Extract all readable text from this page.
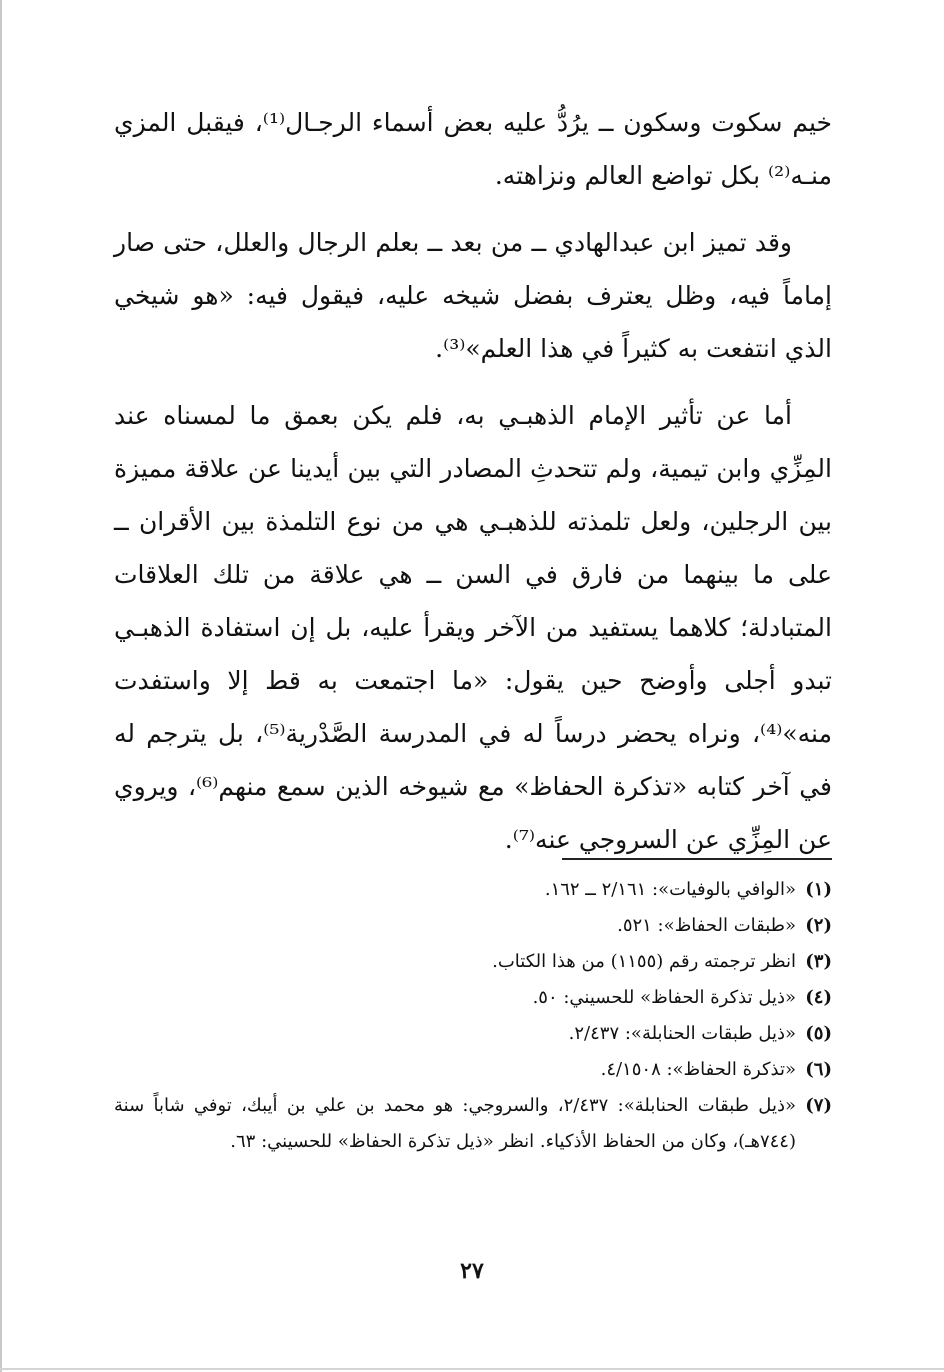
خيم سكوت وسكون ــ يرُدُّ عليه بعض أسماء الرجـال⁽¹⁾، فيقبل المزي منـه⁽²⁾ بكل تواضع العالم ونزاهته.

وقد تميز ابن عبدالهادي ــ من بعد ــ بعلم الرجال والعلل، حتى صار إماماً فيه، وظل يعترف بفضل شيخه عليه، فيقول فيه: «هو شيخي الذي انتفعت به كثيراً في هذا العلم»⁽³⁾.

أما عن تأثير الإمام الذهبـي به، فلم يكن بعمق ما لمسناه عند المِزِّي وابن تيمية، ولم تتحدثِ المصادر التي بين أيدينا عن علاقة مميزة بين الرجلين، ولعل تلمذته للذهبـي هي من نوع التلمذة بين الأقران ــ على ما بينهما من فارق في السن ــ هي علاقة من تلك العلاقات المتبادلة؛ كلاهما يستفيد من الآخر ويقرأ عليه، بل إن استفادة الذهبـي تبدو أجلى وأوضح حين يقول: «ما اجتمعت به قط إلا واستفدت منه»⁽⁴⁾، ونراه يحضر درساً له في المدرسة الصَّدْرية⁽⁵⁾، بل يترجم له في آخر كتابه «تذكرة الحفاظ» مع شيوخه الذين سمع منهم⁽⁶⁾، ويروي عن المِزِّي عن السروجي عنه⁽⁷⁾.

(١)
«الوافي بالوفيات»: ٢/١٦١ ــ ١٦٢.
(٢)
«طبقات الحفاظ»: ٥٢١.
(٣)
انظر ترجمته رقم (١١٥٥) من هذا الكتاب.
(٤)
«ذيل تذكرة الحفاظ» للحسيني: ٥٠.
(٥)
«ذيل طبقات الحنابلة»: ٢/٤٣٧.
(٦)
«تذكرة الحفاظ»: ٤/١٥٠٨.
(٧)
«ذيل طبقات الحنابلة»: ٢/٤٣٧، والسروجي: هو محمد بن علي بن أيبك، توفي شاباً سنة (٧٤٤هـ)، وكان من الحفاظ الأذكياء. انظر «ذيل تذكرة الحفاظ» للحسيني: ٦٣.
٢٧
